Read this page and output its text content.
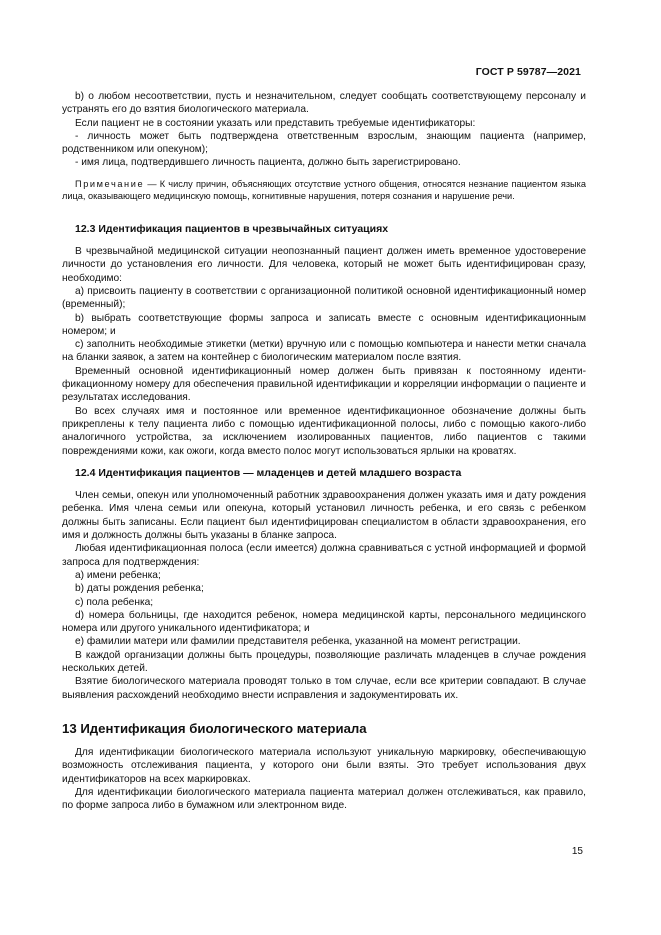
ГОСТ Р 59787—2021

b) о любом несоответствии, пусть и незначительном, следует сообщать соответствующему персоналу и устранять его до взятия биологического материала.

Если пациент не в состоянии указать или представить требуемые идентификаторы:

- личность может быть подтверждена ответственным взрослым, знающим пациента (например, родственником или опекуном);

- имя лица, подтвердившего личность пациента, должно быть зарегистрировано.

Примечание — К числу причин, объясняющих отсутствие устного общения, относятся незнание пациентом языка лица, оказывающего медицинскую помощь, когнитивные нарушения, потеря сознания и нарушение речи.

12.3 Идентификация пациентов в чрезвычайных ситуациях

В чрезвычайной медицинской ситуации неопознанный пациент должен иметь временное удостоверение личности до установления его личности. Для человека, который не может быть идентифицирован сразу, необходимо:

а) присвоить пациенту в соответствии с организационной политикой основной идентификационный номер (временный);

b) выбрать соответствующие формы запроса и записать вместе с основным идентификационным номером; и

c) заполнить необходимые этикетки (метки) вручную или с помощью компьютера и нанести метки сначала на бланки заявок, а затем на контейнер с биологическим материалом после взятия.

Временный основной идентификационный номер должен быть привязан к постоянному идентификационному номеру для обеспечения правильной идентификации и корреляции информации о пациенте и результатах исследования.

Во всех случаях имя и постоянное или временное идентификационное обозначение должны быть прикреплены к телу пациента либо с помощью идентификационной полосы, либо с помощью какого-либо аналогичного устройства, за исключением изолированных пациентов, либо пациентов с такими повреждениями кожи, как ожоги, когда вместо полос могут использоваться ярлыки на кроватях.

12.4 Идентификация пациентов — младенцев и детей младшего возраста

Член семьи, опекун или уполномоченный работник здравоохранения должен указать имя и дату рождения ребенка. Имя члена семьи или опекуна, который установил личность ребенка, и его связь с ребенком должны быть записаны. Если пациент был идентифицирован специалистом в области здравоохранения, его имя и должность должны быть указаны в бланке запроса.

Любая идентификационная полоса (если имеется) должна сравниваться с устной информацией и формой запроса для подтверждения:

а) имени ребенка;

b) даты рождения ребенка;

c) пола ребенка;

d) номера больницы, где находится ребенок, номера медицинской карты, персонального медицинского номера или другого уникального идентификатора; и

e) фамилии матери или фамилии представителя ребенка, указанной на момент регистрации.

В каждой организации должны быть процедуры, позволяющие различать младенцев в случае рождения нескольких детей.

Взятие биологического материала проводят только в том случае, если все критерии совпадают. В случае выявления расхождений необходимо внести исправления и задокументировать их.

13 Идентификация биологического материала

Для идентификации биологического материала используют уникальную маркировку, обеспечивающую возможность отслеживания пациента, у которого они были взяты. Это требует использования двух идентификаторов на всех маркировках.

Для идентификации биологического материала пациента материал должен отслеживаться, как правило, по форме запроса либо в бумажном или электронном виде.

15
